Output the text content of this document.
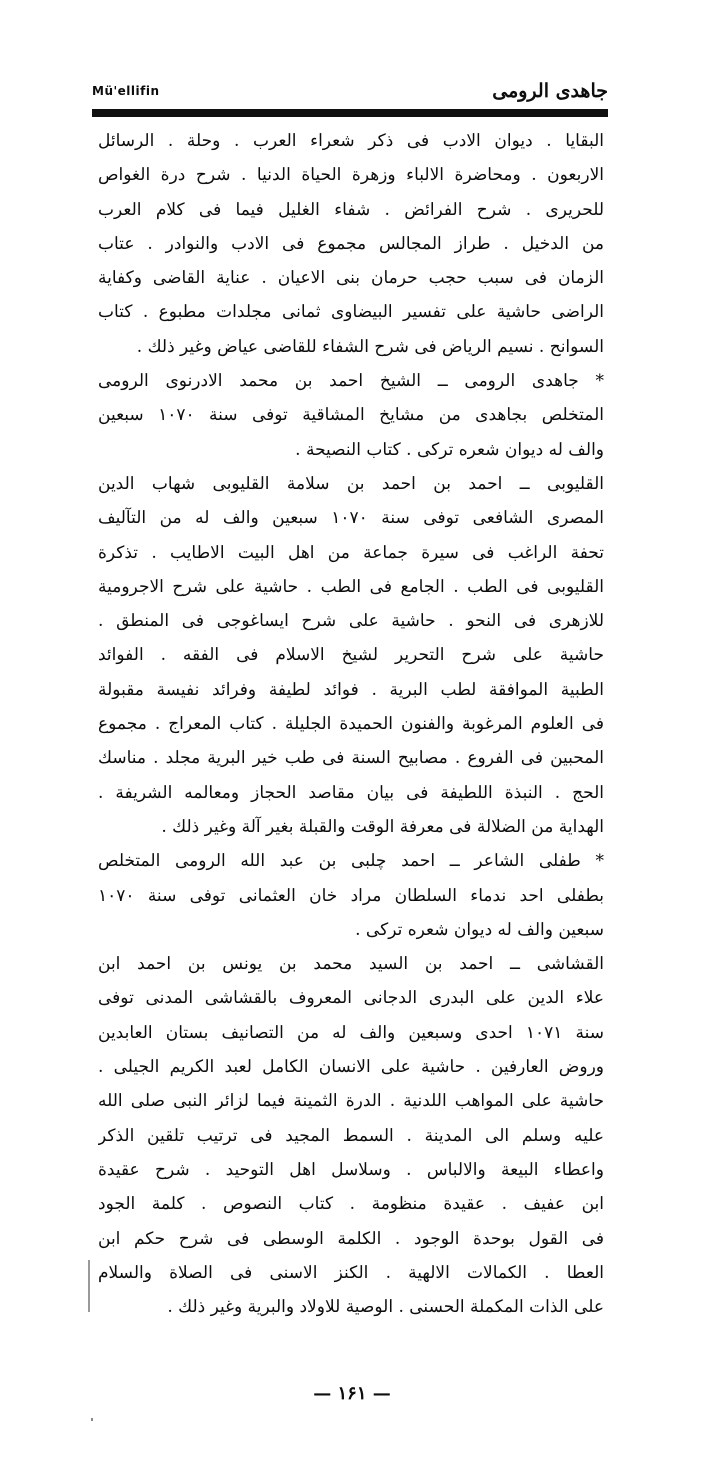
جاهدی الرومی
Mü'ellifin
البقایا . دیوان الادب فی ذكر شعراء العرب . وحلة . الرسائل
الاربعون . ومحاضرة الالباء وزهرة الحیاة الدنیا . شرح درة الغواص
للحریری . شرح الفرائض . شفاء الغلیل فیما فی كلام العرب
من الدخیل . طراز المجالس مجموع فی الادب والنوادر . عتاب
الزمان فی سبب حجب حرمان بنی الاعیان . عنایة القاضی وكفایة
الراضی حاشیة علی تفسیر البیضاوی ثمانی مجلدات مطبوع . كتاب
السوانح . نسیم الریاض فی شرح الشفاء للقاضی عیاض وغیر ذلك .
* جاهدی الرومی ــ الشیخ احمد بن محمد الادرنوی الرومی
المتخلص بجاهدی من مشایخ المشاقیة توفی سنة ۱۰۷۰ سبعین
والف له دیوان شعره تركی . كتاب النصیحة .
القلیوبی ــ احمد بن احمد بن سلامة القلیوبی شهاب الدین
المصری الشافعی توفی سنة ۱۰۷۰ سبعین والف له من التآلیف
تحفة الراغب فی سیرة جماعة من اهل البیت الاطایب . تذكرة
القلیوبی فی الطب . الجامع فی الطب . حاشیة علی شرح الاجرومیة
للازهری فی النحو . حاشیة علی شرح ایساغوجی فی المنطق .
حاشیة علی شرح التحریر لشیخ الاسلام فی الفقه . الفوائد
الطبیة الموافقة لطب البریة . فوائد لطیفة وفرائد نفیسة مقبولة
فی العلوم المرغوبة والفنون الحمیدة الجلیلة . كتاب المعراج . مجموع
المحبین فی الفروع . مصابیح السنة فی طب خیر البریة مجلد . مناسك
الحج . النبذة اللطیفة فی بیان مقاصد الحجاز ومعالمه الشریفة .
الهدایة من الضلالة فی معرفة الوقت والقبلة بغیر آلة وغیر ذلك .
* طفلی الشاعر ــ احمد چلبی بن عبد الله الرومی المتخلص
بطفلی احد ندماء السلطان مراد خان العثمانی توفی سنة ۱۰۷۰
سبعین والف له دیوان شعره تركی .
القشاشی ــ احمد بن السید محمد بن یونس بن احمد ابن
علاء الدین علی البدری الدجانی المعروف بالقشاشی المدنی توفی
سنة ۱۰۷۱ احدی وسبعین والف له من التصانیف بستان العابدین
وروض العارفین . حاشیة علی الانسان الكامل لعبد الكریم الجیلی .
حاشیة علی المواهب اللدنیة . الدرة الثمینة فیما لزائر النبی صلی الله
علیه وسلم الی المدینة . السمط المجید فی ترتیب تلقین الذكر
واعطاء البیعة والالباس . وسلاسل اهل التوحید . شرح عقیدة
ابن عفیف . عقیدة منظومة . كتاب النصوص . كلمة الجود
فی القول بوحدة الوجود . الكلمة الوسطی فی شرح حكم ابن
العطا . الكمالات الالهیة . الكنز الاسنی فی الصلاة والسلام
علی الذات المكملة الحسنی . الوصیة للاولاد والبریة وغیر ذلك .
— ۱۶۱ —
